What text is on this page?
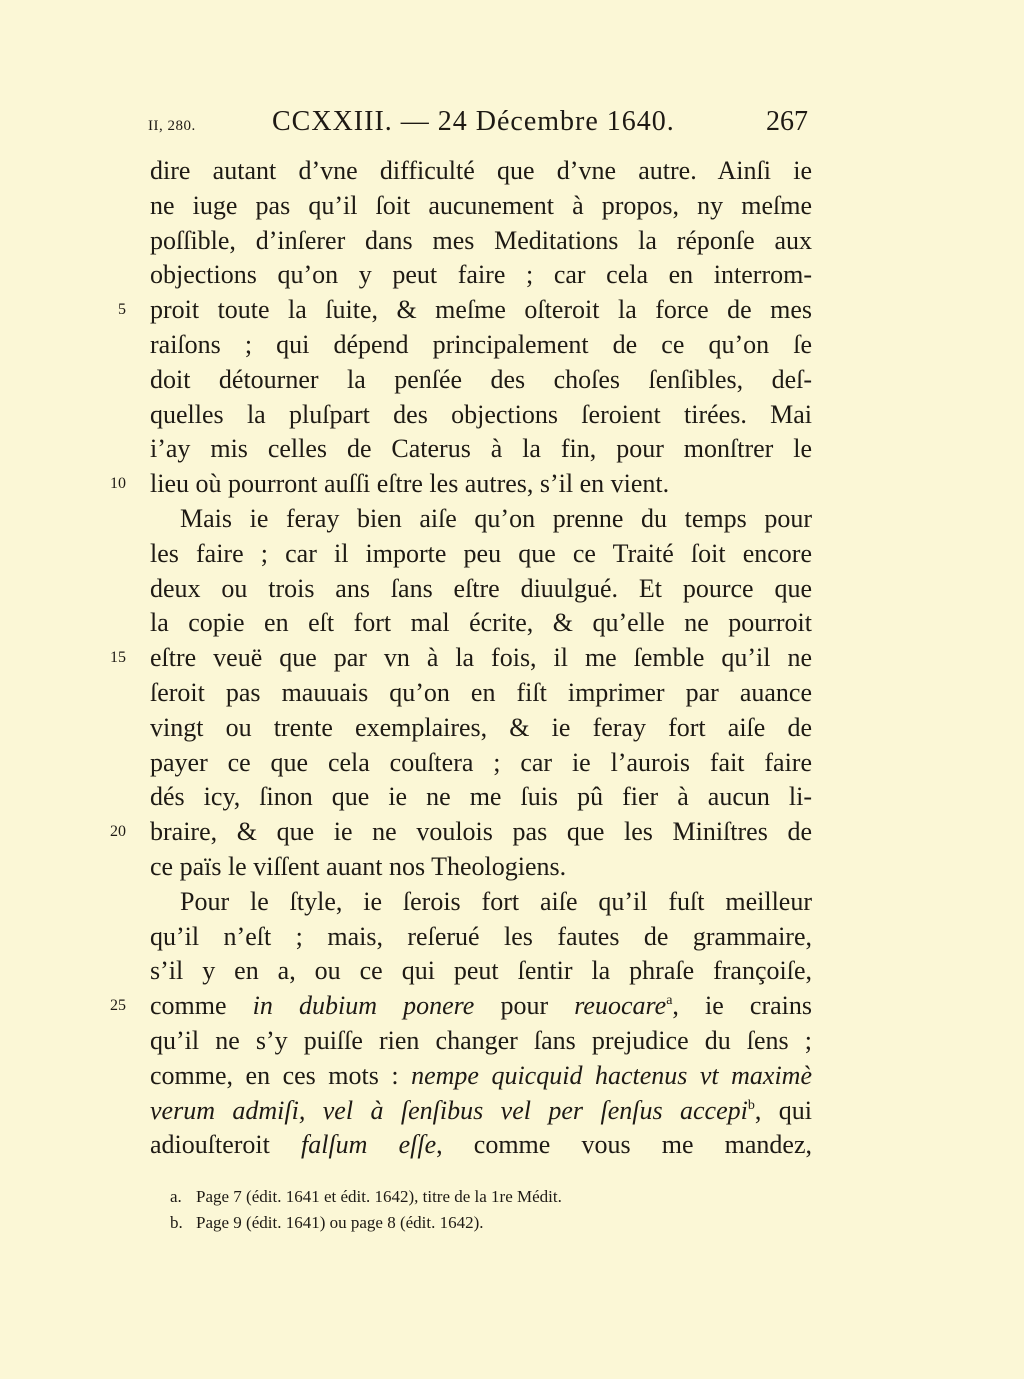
II, 280.	CCXXIII. — 24 Décembre 1640.	267
dire autant d’vne difficulté que d’vne autre. Ainſi ie
ne iuge pas qu’il ſoit aucunement à propos, ny meſme
poſſible, d’inſerer dans mes Meditations la réponſe aux
objections qu’on y peut faire ; car cela en interrom-
5 proit toute la ſuite, & meſme oſteroit la force de mes
raiſons ; qui dépend principalement de ce qu’on ſe
doit détourner la penſée des choſes ſenſibles, deſ-
quelles la pluſpart des objections ſeroient tirées. Mai
i’ay mis celles de Caterus à la fin, pour monſtrer le
10 lieu où pourront auſſi eſtre les autres, s’il en vient.
Mais ie feray bien aiſe qu’on prenne du temps pour
les faire ; car il importe peu que ce Traité ſoit encore
deux ou trois ans ſans eſtre diuulgué. Et pource que
la copie en eſt fort mal écrite, & qu’elle ne pourroit
15 eſtre veuë que par vn à la fois, il me ſemble qu’il ne
ſeroit pas mauuais qu’on en fiſt imprimer par auance
vingt ou trente exemplaires, & ie feray fort aiſe de
payer ce que cela couſtera ; car ie l’aurois fait faire
dés icy, ſinon que ie ne me ſuis pû fier à aucun li-
20 braire, & que ie ne voulois pas que les Miniſtres de
ce païs le viſſent auant nos Theologiens.
Pour le ſtyle, ie ſerois fort aiſe qu’il fuſt meilleur
qu’il n’eſt ; mais, reſerué les fautes de grammaire,
s’il y en a, ou ce qui peut ſentir la phraſe françoiſe,
25 comme in dubium ponere pour reuocare$^a$, ie crains
qu’il ne s’y puiſſe rien changer ſans prejudice du ſens ;
comme, en ces mots : nempe quicquid hactenus vt maximè
verum admiſi, vel à ſenſibus vel per ſenſus accepi$^b$, qui
adiouſteroit falſum eſſe, comme vous me mandez,
a. Page 7 (édit. 1641 et édit. 1642), titre de la 1re Médit.
b. Page 9 (édit. 1641) ou page 8 (édit. 1642).
